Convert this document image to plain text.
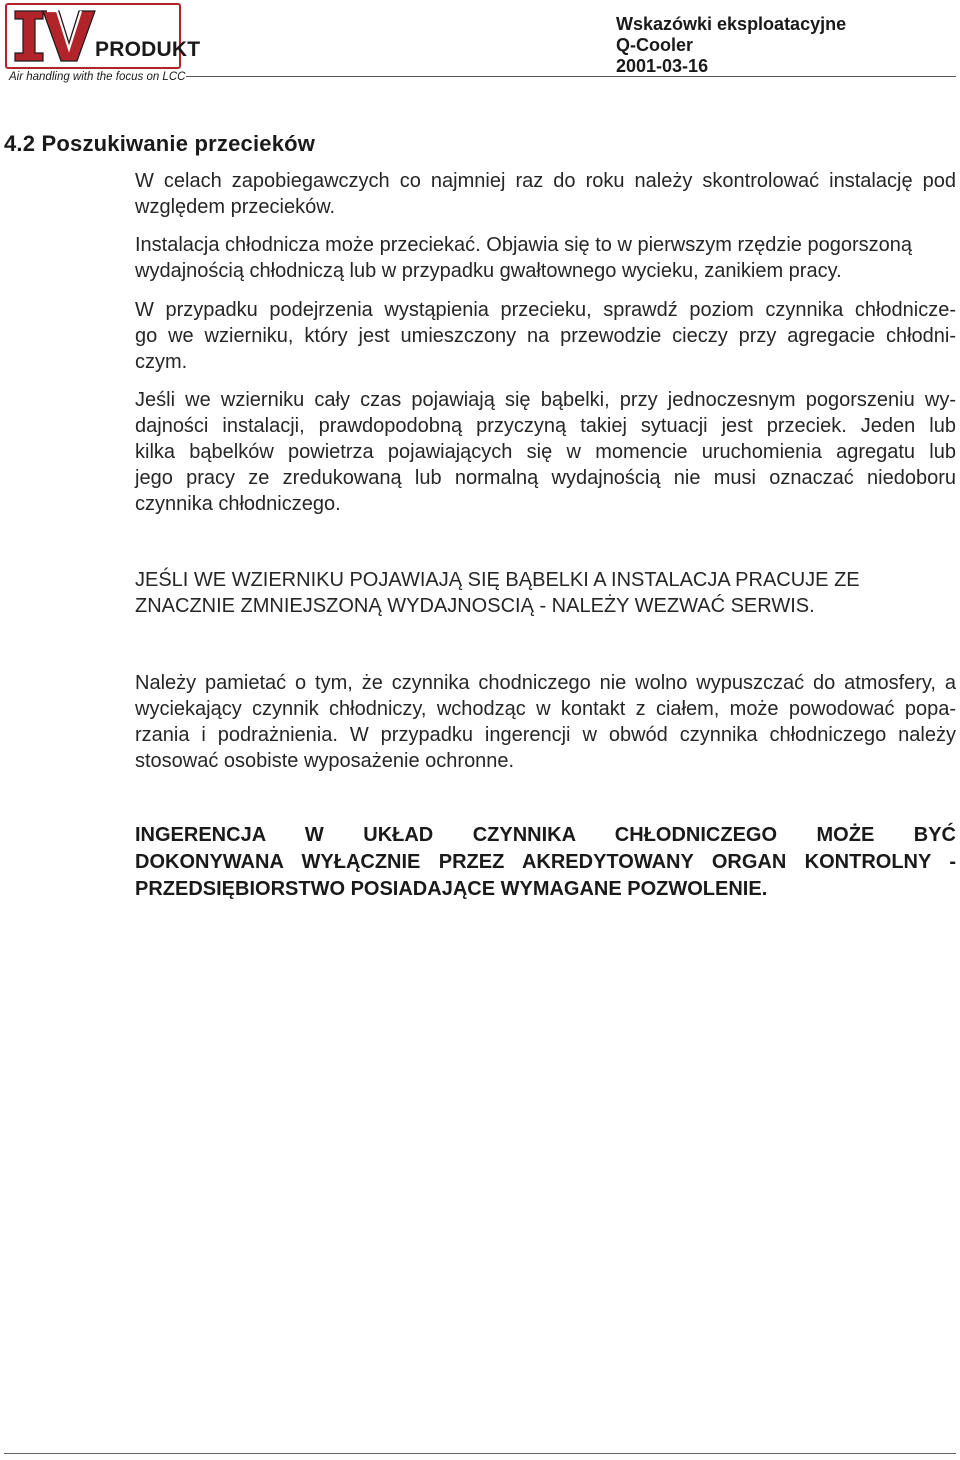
PRODUKT
Air handling with the focus on LCC
Wskazówki eksploatacyjne
Q-Cooler
2001-03-16
4.2 Poszukiwanie przecieków
W celach zapobiegawczych co najmniej raz do roku należy skontrolować instalację pod
względem przecieków.
Instalacja chłodnicza może przeciekać. Objawia się to w pierwszym rzędzie pogorszoną
wydajnością chłodniczą lub w przypadku gwałtownego wycieku, zanikiem pracy.
W przypadku podejrzenia wystąpienia przecieku, sprawdź poziom czynnika chłodnicze-
go we wzierniku, który jest umieszczony na przewodzie cieczy przy agregacie chłodni-
czym.
Jeśli we wzierniku cały czas pojawiają się bąbelki, przy jednoczesnym pogorszeniu wy-
dajności instalacji, prawdopodobną przyczyną takiej sytuacji jest przeciek. Jeden lub
kilka bąbelków powietrza pojawiających się w momencie uruchomienia agregatu lub
jego pracy ze zredukowaną lub normalną wydajnością nie musi oznaczać niedoboru
czynnika chłodniczego.
JEŚLI WE WZIERNIKU POJAWIAJĄ SIĘ BĄBELKI A INSTALACJA PRACUJE ZE
ZNACZNIE ZMNIEJSZONĄ WYDAJNOSCIĄ - NALEŻY WEZWAĆ SERWIS.
Należy pamietać o tym, że czynnika chodniczego nie wolno wypuszczać do atmosfery, a
wyciekający czynnik chłodniczy, wchodząc w kontakt z ciałem, może powodować popa-
rzania i podrażnienia. W przypadku ingerencji w obwód czynnika chłodniczego należy
stosować osobiste wyposażenie ochronne.
INGERENCJA W UKŁAD CZYNNIKA CHŁODNICZEGO MOŻE BYĆ
DOKONYWANA WYŁĄCZNIE PRZEZ AKREDYTOWANY ORGAN KONTROLNY -
PRZEDSIĘBIORSTWO POSIADAJĄCE WYMAGANE POZWOLENIE.
